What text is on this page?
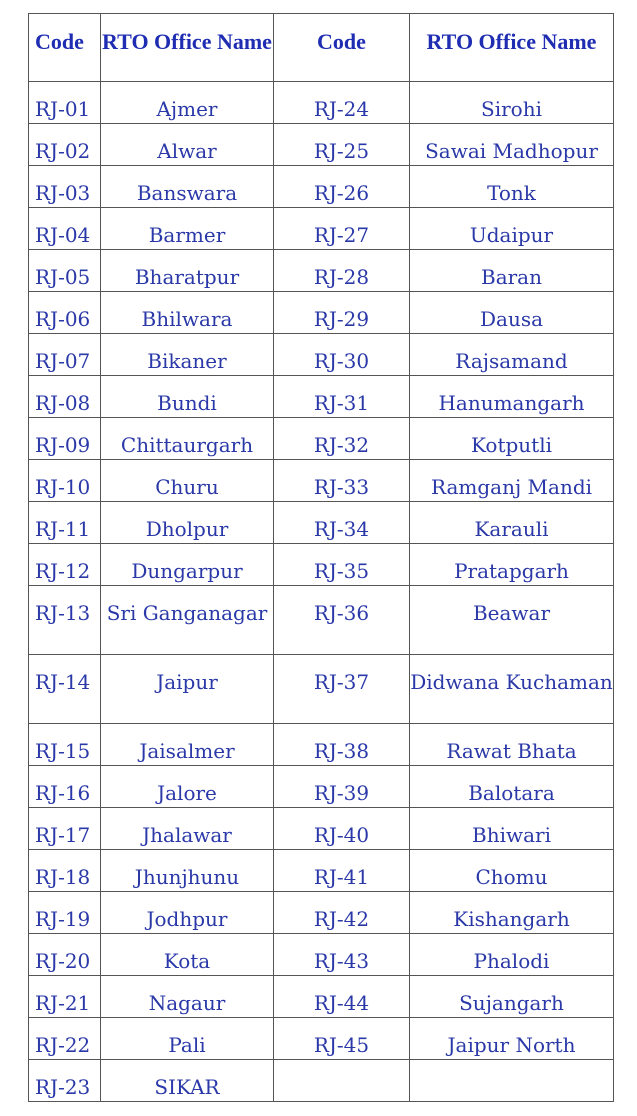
Code	RTO Office Name	Code	RTO Office Name
RJ-01	Ajmer	RJ-24	Sirohi
RJ-02	Alwar	RJ-25	Sawai Madhopur
RJ-03	Banswara	RJ-26	Tonk
RJ-04	Barmer	RJ-27	Udaipur
RJ-05	Bharatpur	RJ-28	Baran
RJ-06	Bhilwara	RJ-29	Dausa
RJ-07	Bikaner	RJ-30	Rajsamand
RJ-08	Bundi	RJ-31	Hanumangarh
RJ-09	Chittaurgarh	RJ-32	Kotputli
RJ-10	Churu	RJ-33	Ramganj Mandi
RJ-11	Dholpur	RJ-34	Karauli
RJ-12	Dungarpur	RJ-35	Pratapgarh
RJ-13	Sri Ganganagar	RJ-36	Beawar
RJ-14	Jaipur	RJ-37	Didwana Kuchaman
RJ-15	Jaisalmer	RJ-38	Rawat Bhata
RJ-16	Jalore	RJ-39	Balotara
RJ-17	Jhalawar	RJ-40	Bhiwari
RJ-18	Jhunjhunu	RJ-41	Chomu
RJ-19	Jodhpur	RJ-42	Kishangarh
RJ-20	Kota	RJ-43	Phalodi
RJ-21	Nagaur	RJ-44	Sujangarh
RJ-22	Pali	RJ-45	Jaipur North
RJ-23	SIKAR		
